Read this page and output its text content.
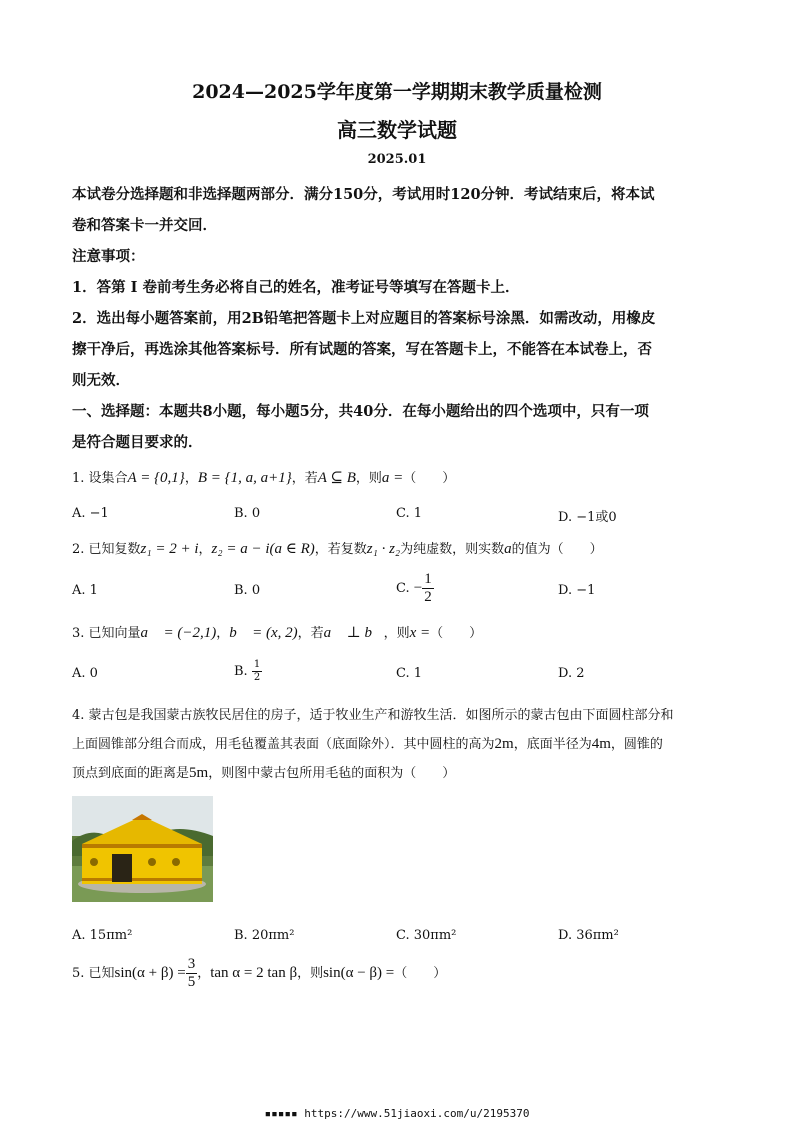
2024—2025学年度第一学期期末教学质量检测
高三数学试题
2025.01
本试卷分选择题和非选择题两部分．满分150分，考试用时120分钟．考试结束后，将本试
卷和答案卡一并交回．
注意事项：
1．答第 I 卷前考生务必将自己的姓名，准考证号等填写在答题卡上．
2．选出每小题答案前，用2B铅笔把答题卡上对应题目的答案标号涂黑．如需改动，用橡皮
擦干净后，再选涂其他答案标号．所有试题的答案，写在答题卡上，不能答在本试卷上，否
则无效．
一、选择题：本题共8小题，每小题5分，共40分．在每小题给出的四个选项中，只有一项
是符合题目要求的．
1. 设集合A = {0,1}，B = {1, a, a+1}，若A ⊆ B，则a =（　　）
A. −1	B. 0	C. 1	D. −1或0
2. 已知复数z₁ = 2 + i，z₂ = a − i(a ∈ R)，若复数z₁ · z₂为纯虚数，则实数a的值为（　　）
A. 1	B. 0	C. − $\frac{1}{2}$	D. −1
3. 已知向量a⃗ = (−2,1)，b⃗ = (x, 2)，若a⃗ ⊥ b⃗，则x =（　　）
A. 0	B. $\frac{1}{2}$	C. 1	D. 2
4. 蒙古包是我国蒙古族牧民居住的房子，适于牧业生产和游牧生活．如图所示的蒙古包由下面圆柱部分和
上面圆锥部分组合而成，用毛毡覆盖其表面（底面除外）．其中圆柱的高为2m，底面半径为4m，圆锥的
顶点到底面的距离是5m，则图中蒙古包所用毛毡的面积为（　　）
A. 15πm²	B. 20πm²	C. 30πm²	D. 36πm²
5. 已知$\sin(\alpha + \beta) = \frac{3}{5}$ ，tan α = 2 tan β，则sin(α − β) =（　　）
▪▪▪▪▪ https://www.51jiaoxi.com/u/2195370
